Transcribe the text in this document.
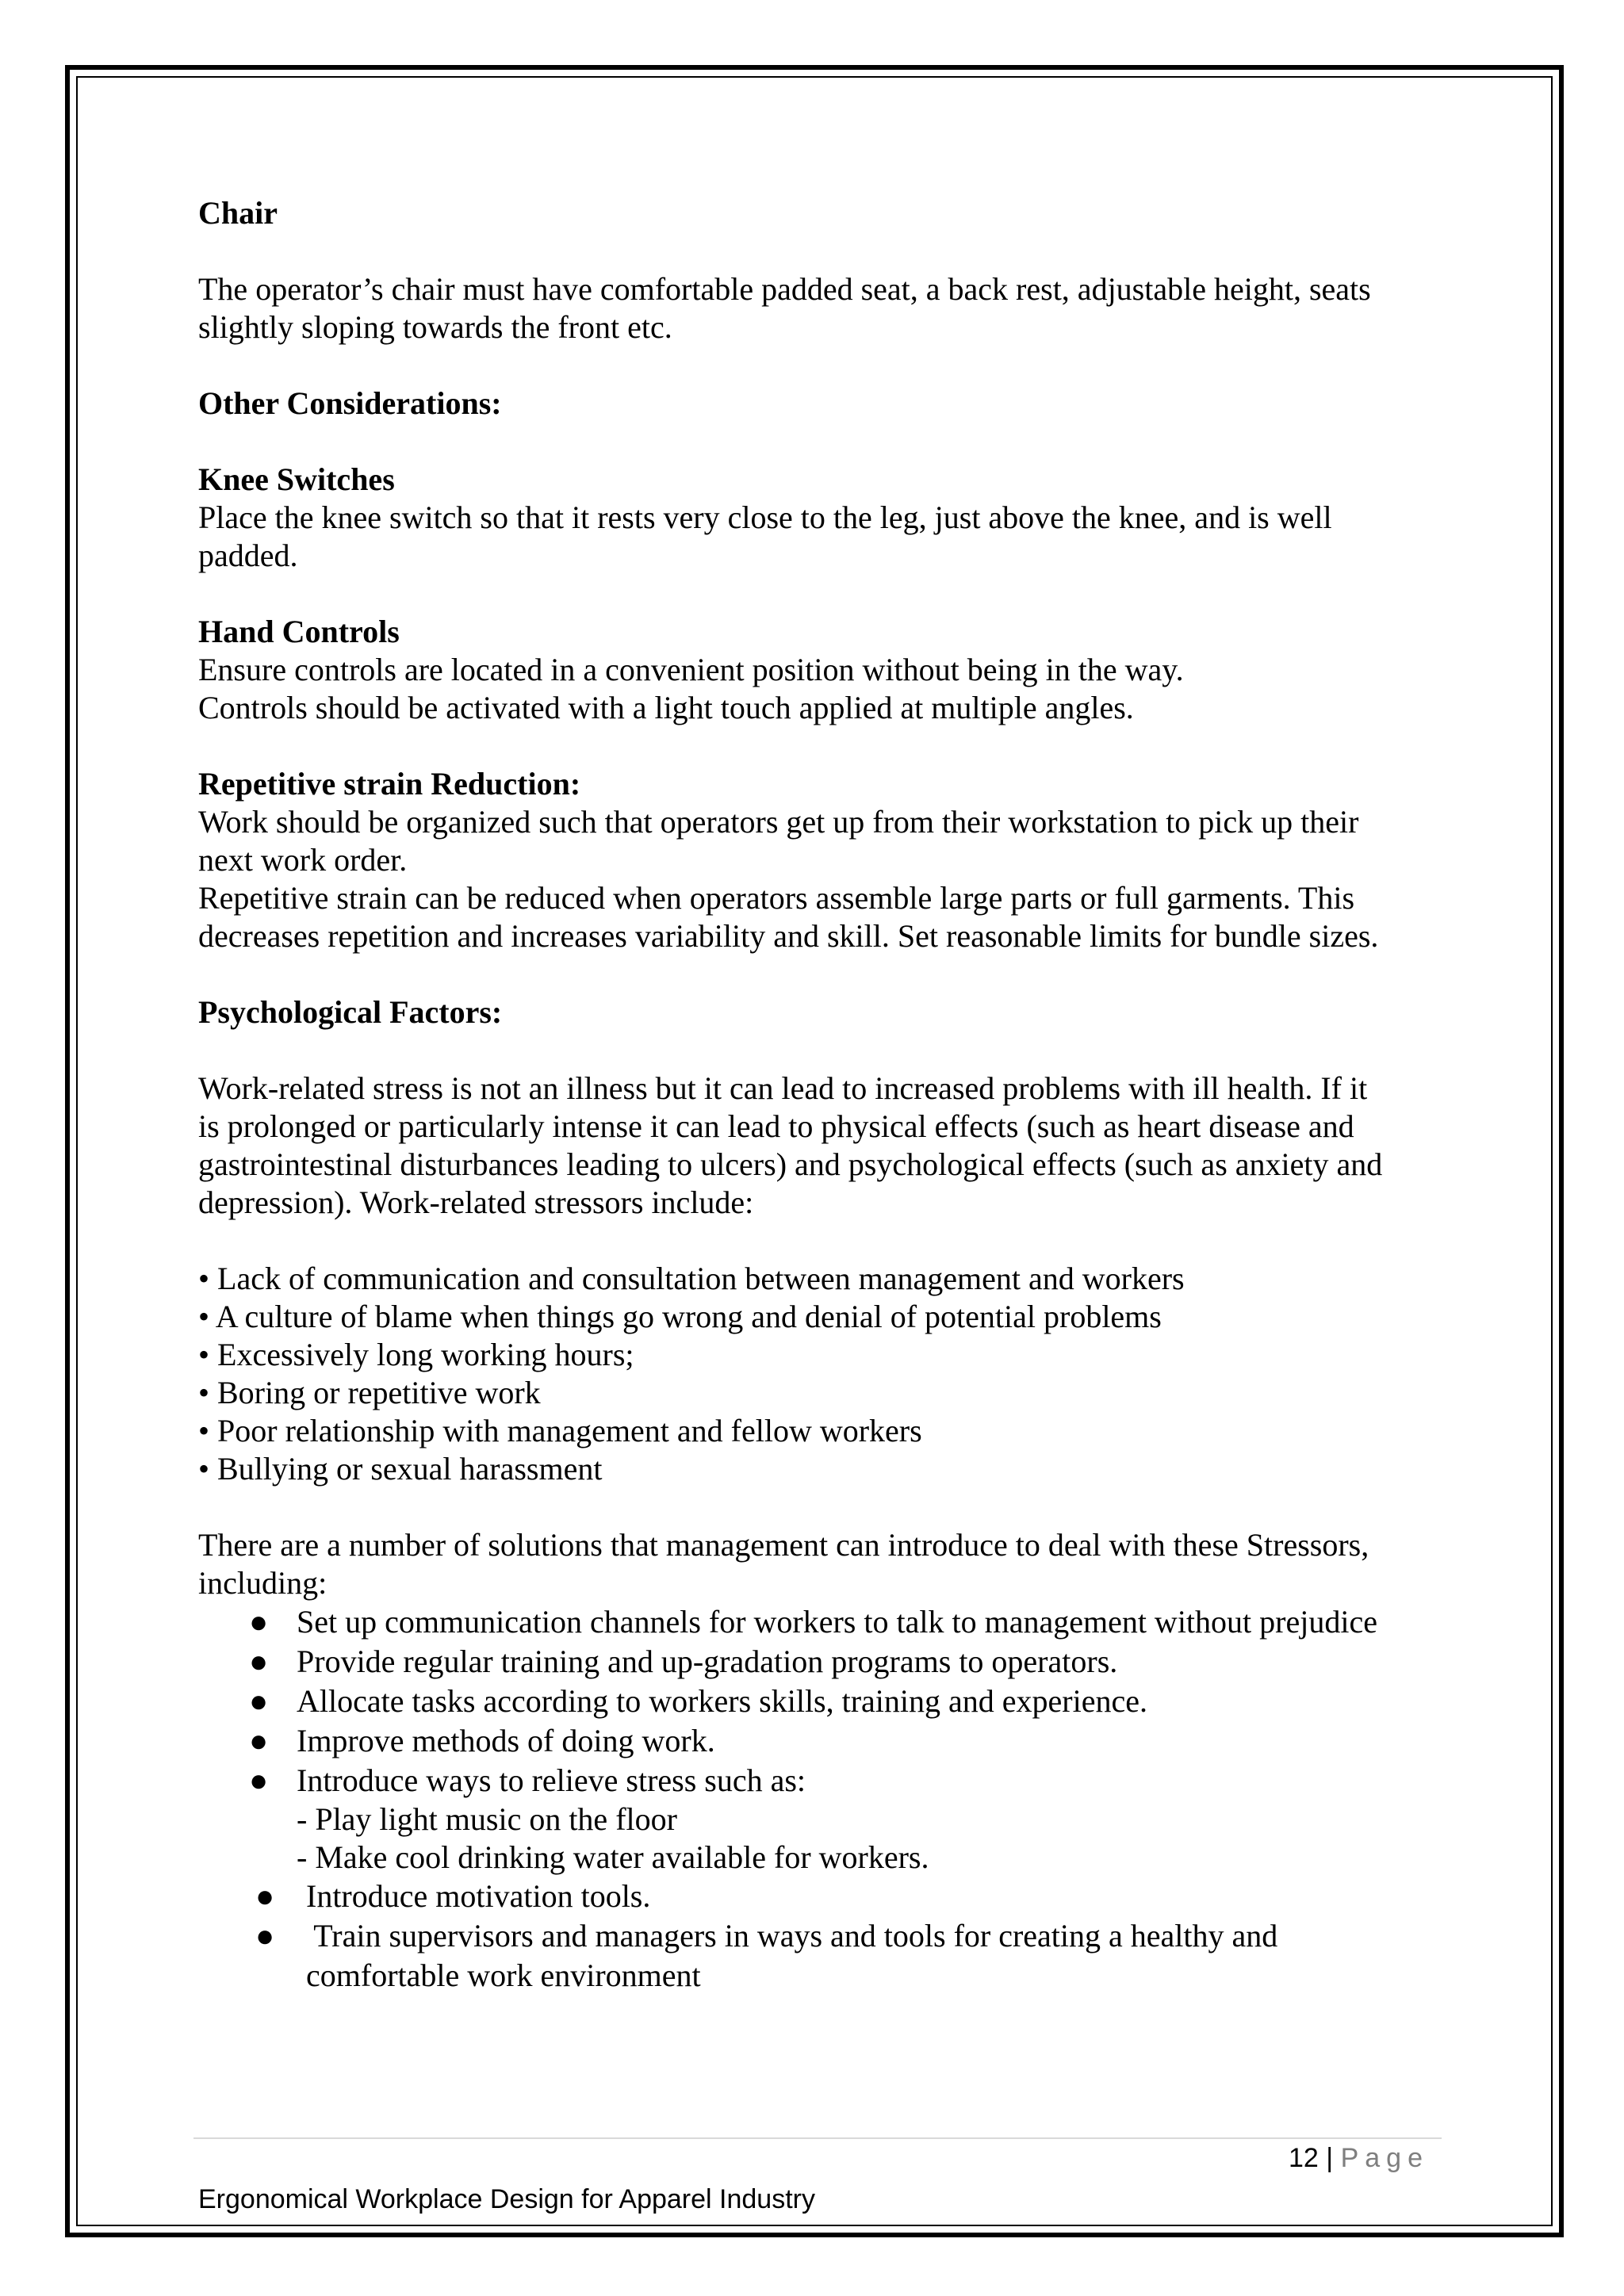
Chair

The operator’s chair must have comfortable padded seat, a back rest, adjustable height, seats

slightly sloping towards the front etc.

Other Considerations:

Knee Switches

Place the knee switch so that it rests very close to the leg, just above the knee, and is well

padded.

Hand Controls

Ensure controls are located in a convenient position without being in the way.

Controls should be activated with a light touch applied at multiple angles.

Repetitive strain Reduction:

Work should be organized such that operators get up from their workstation to pick up their

next work order.

Repetitive strain can be reduced when operators assemble large parts or full garments. This

decreases repetition and increases variability and skill. Set reasonable limits for bundle sizes.

Psychological Factors:

Work-related stress is not an illness but it can lead to increased problems with ill health. If it

is prolonged or particularly intense it can lead to physical effects (such as heart disease and

gastrointestinal disturbances leading to ulcers) and psychological effects (such as anxiety and

depression). Work-related stressors include:

• Lack of communication and consultation between management and workers

• A culture of blame when things go wrong and denial of potential problems

• Excessively long working hours;

• Boring or repetitive work

• Poor relationship with management and fellow workers

• Bullying or sexual harassment

There are a number of solutions that management can introduce to deal with these Stressors,

including:

● Set up communication channels for workers to talk to management without prejudice
● Provide regular training and up-gradation programs to operators.
● Allocate tasks according to workers skills, training and experience.
● Improve methods of doing work.
● Introduce ways to relieve stress such as:
- Play light music on the floor
- Make cool drinking water available for workers.
● Introduce motivation tools.
● Train supervisors and managers in ways and tools for creating a healthy and
comfortable work environment
12 | Page
Ergonomical Workplace Design for Apparel Industry
